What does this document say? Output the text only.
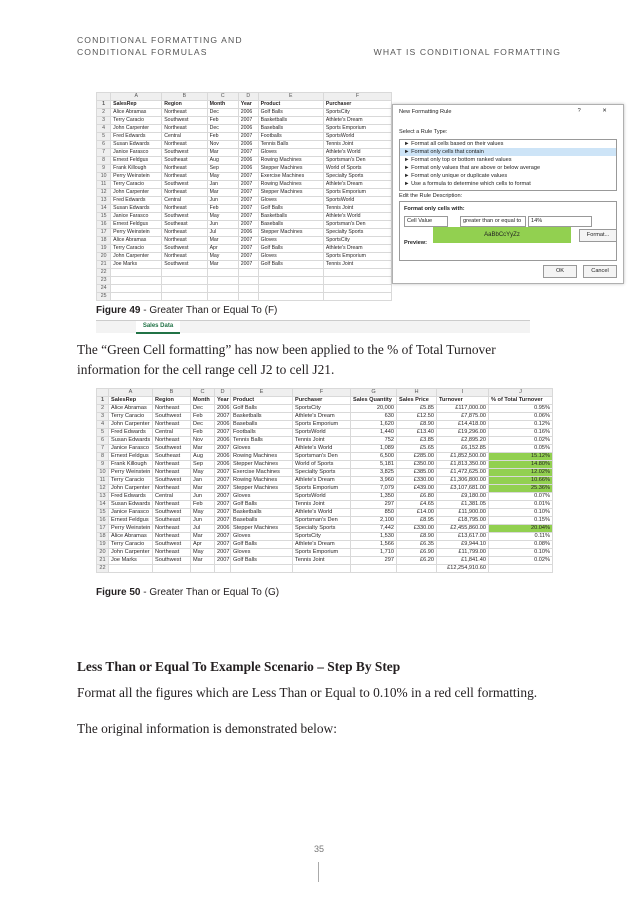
CONDITIONAL FORMATTING AND
CONDITIONAL FORMULAS	WHAT IS CONDITIONAL FORMATTING
	A	B	C	D	E	F
1	SalesRep	Region	Month	Year	Product	Purchaser
2	Alice Abramas	Northeast	Dec	2006	Golf Balls	SportsCity
3	Terry Caracio	Southwest	Feb	2007	Basketballs	Athlete's Dream
4	John Carpenter	Northeast	Dec	2006	Baseballs	Sports Emporium
5	Fred Edwards	Central	Feb	2007	Footballs	SportsWorld
6	Susan Edwards	Northeast	Nov	2006	Tennis Balls	Tennis Joint
7	Janice Farasco	Southwest	Mar	2007	Gloves	Athlete's World
8	Ernest Feldgus	Southeast	Aug	2006	Rowing Machines	Sportsman's Den
9	Frank Killough	Northeast	Sep	2006	Stepper Machines	World of Sports
10	Perry Weinstein	Northeast	May	2007	Exercise Machines	Specialty Sports
11	Terry Caracio	Southwest	Jan	2007	Rowing Machines	Athlete's Dream
12	John Carpenter	Northeast	Mar	2007	Stepper Machines	Sports Emporium
13	Fred Edwards	Central	Jun	2007	Gloves	SportsWorld
14	Susan Edwards	Northeast	Feb	2007	Golf Balls	Tennis Joint
15	Janice Farasco	Southwest	May	2007	Basketballs	Athlete's World
16	Ernest Feldgus	Southeast	Jun	2007	Baseballs	Sportsman's Den
17	Perry Weinstein	Northeast	Jul	2006	Stepper Machines	Specialty Sports
18	Alice Abramas	Northeast	Mar	2007	Gloves	SportsCity
19	Terry Caracio	Southwest	Apr	2007	Golf Balls	Athlete's Dream
20	John Carpenter	Northeast	May	2007	Gloves	Sports Emporium
21	Joe Marks	Southwest	Mar	2007	Golf Balls	Tennis Joint
22						
23						
24						
25						
New Formatting Rule	? ✕
Select a Rule Type:
► Format all cells based on their values
► Format only cells that contain
► Format only top or bottom ranked values
► Format only values that are above or below average
► Format only unique or duplicate values
► Use a formula to determine which cells to format
Edit the Rule Description:
Format only cells with:
Cell Value	greater than or equal to	14%
Preview:
AaBbCcYyZz	Format...
OK	Cancel
Sales Data
Figure 49 - Greater Than or Equal To (F)
The “Green Cell formatting” has now been applied to the % of Total Turnover information for the cell range cell J2 to cell J21.
	A	B	C	D	E	F	G	H	I	J
1	SalesRep	Region	Month	Year	Product	Purchaser	Sales Quantity	Sales Price	Turnover	% of Total Turnover
2	Alice Abramas	Northeast	Dec	2006	Golf Balls	SportsCity	20,000	£5.85	£117,000.00	0.95%
3	Terry Caracio	Southwest	Feb	2007	Basketballs	Athlete's Dream	630	£12.50	£7,875.00	0.06%
4	John Carpenter	Northeast	Dec	2006	Baseballs	Sports Emporium	1,620	£8.90	£14,418.00	0.12%
5	Fred Edwards	Central	Feb	2007	Footballs	SportsWorld	1,440	£13.40	£19,296.00	0.16%
6	Susan Edwards	Northeast	Nov	2006	Tennis Balls	Tennis Joint	752	£3.85	£2,895.20	0.02%
7	Janice Farasco	Southwest	Mar	2007	Gloves	Athlete's World	1,089	£5.65	£6,152.85	0.05%
8	Ernest Feldgus	Southeast	Aug	2006	Rowing Machines	Sportsman's Den	6,500	£285.00	£1,852,500.00	15.12%
9	Frank Killough	Northeast	Sep	2006	Stepper Machines	World of Sports	5,181	£350.00	£1,813,350.00	14.80%
10	Perry Weinstein	Northeast	May	2007	Exercise Machines	Specialty Sports	3,825	£385.00	£1,472,625.00	12.02%
11	Terry Caracio	Southwest	Jan	2007	Rowing Machines	Athlete's Dream	3,960	£330.00	£1,306,800.00	10.66%
12	John Carpenter	Northeast	Mar	2007	Stepper Machines	Sports Emporium	7,079	£439.00	£3,107,681.00	25.36%
13	Fred Edwards	Central	Jun	2007	Gloves	SportsWorld	1,350	£6.80	£9,180.00	0.07%
14	Susan Edwards	Northeast	Feb	2007	Golf Balls	Tennis Joint	297	£4.65	£1,381.05	0.01%
15	Janice Farasco	Southwest	May	2007	Basketballs	Athlete's World	850	£14.00	£11,900.00	0.10%
16	Ernest Feldgus	Southeast	Jun	2007	Baseballs	Sportsman's Den	2,100	£8.95	£18,795.00	0.15%
17	Perry Weinstein	Northeast	Jul	2006	Stepper Machines	Specialty Sports	7,442	£330.00	£2,455,860.00	20.04%
18	Alice Abramas	Northeast	Mar	2007	Gloves	SportsCity	1,530	£8.90	£13,617.00	0.11%
19	Terry Caracio	Southwest	Apr	2007	Golf Balls	Athlete's Dream	1,566	£6.35	£9,944.10	0.08%
20	John Carpenter	Northeast	May	2007	Gloves	Sports Emporium	1,710	£6.90	£11,799.00	0.10%
21	Joe Marks	Southwest	Mar	2007	Golf Balls	Tennis Joint	297	£6.20	£1,841.40	0.02%
22									£12,254,910.60	
Figure 50 - Greater Than or Equal To (G)
Less Than or Equal To Example Scenario – Step By Step
Format all the figures which are Less Than or Equal to 0.10% in a red cell formatting.
The original information is demonstrated below:
35
